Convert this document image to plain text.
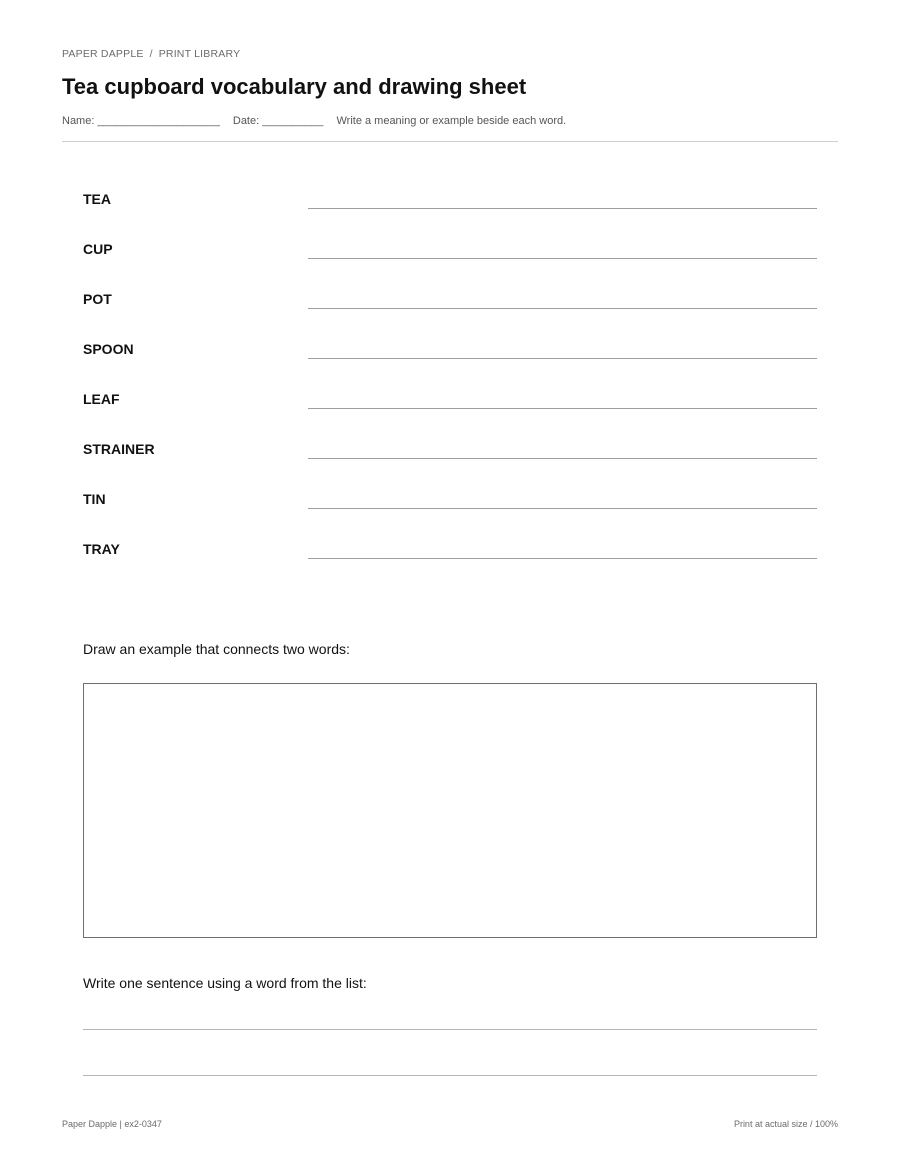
PAPER DAPPLE / PRINT LIBRARY
Tea cupboard vocabulary and drawing sheet
Name: ____________________ Date: __________ Write a meaning or example beside each word.
TEA
CUP
POT
SPOON
LEAF
STRAINER
TIN
TRAY
Draw an example that connects two words:
Write one sentence using a word from the list:
Paper Dapple | ex2-0347	Print at actual size / 100%
